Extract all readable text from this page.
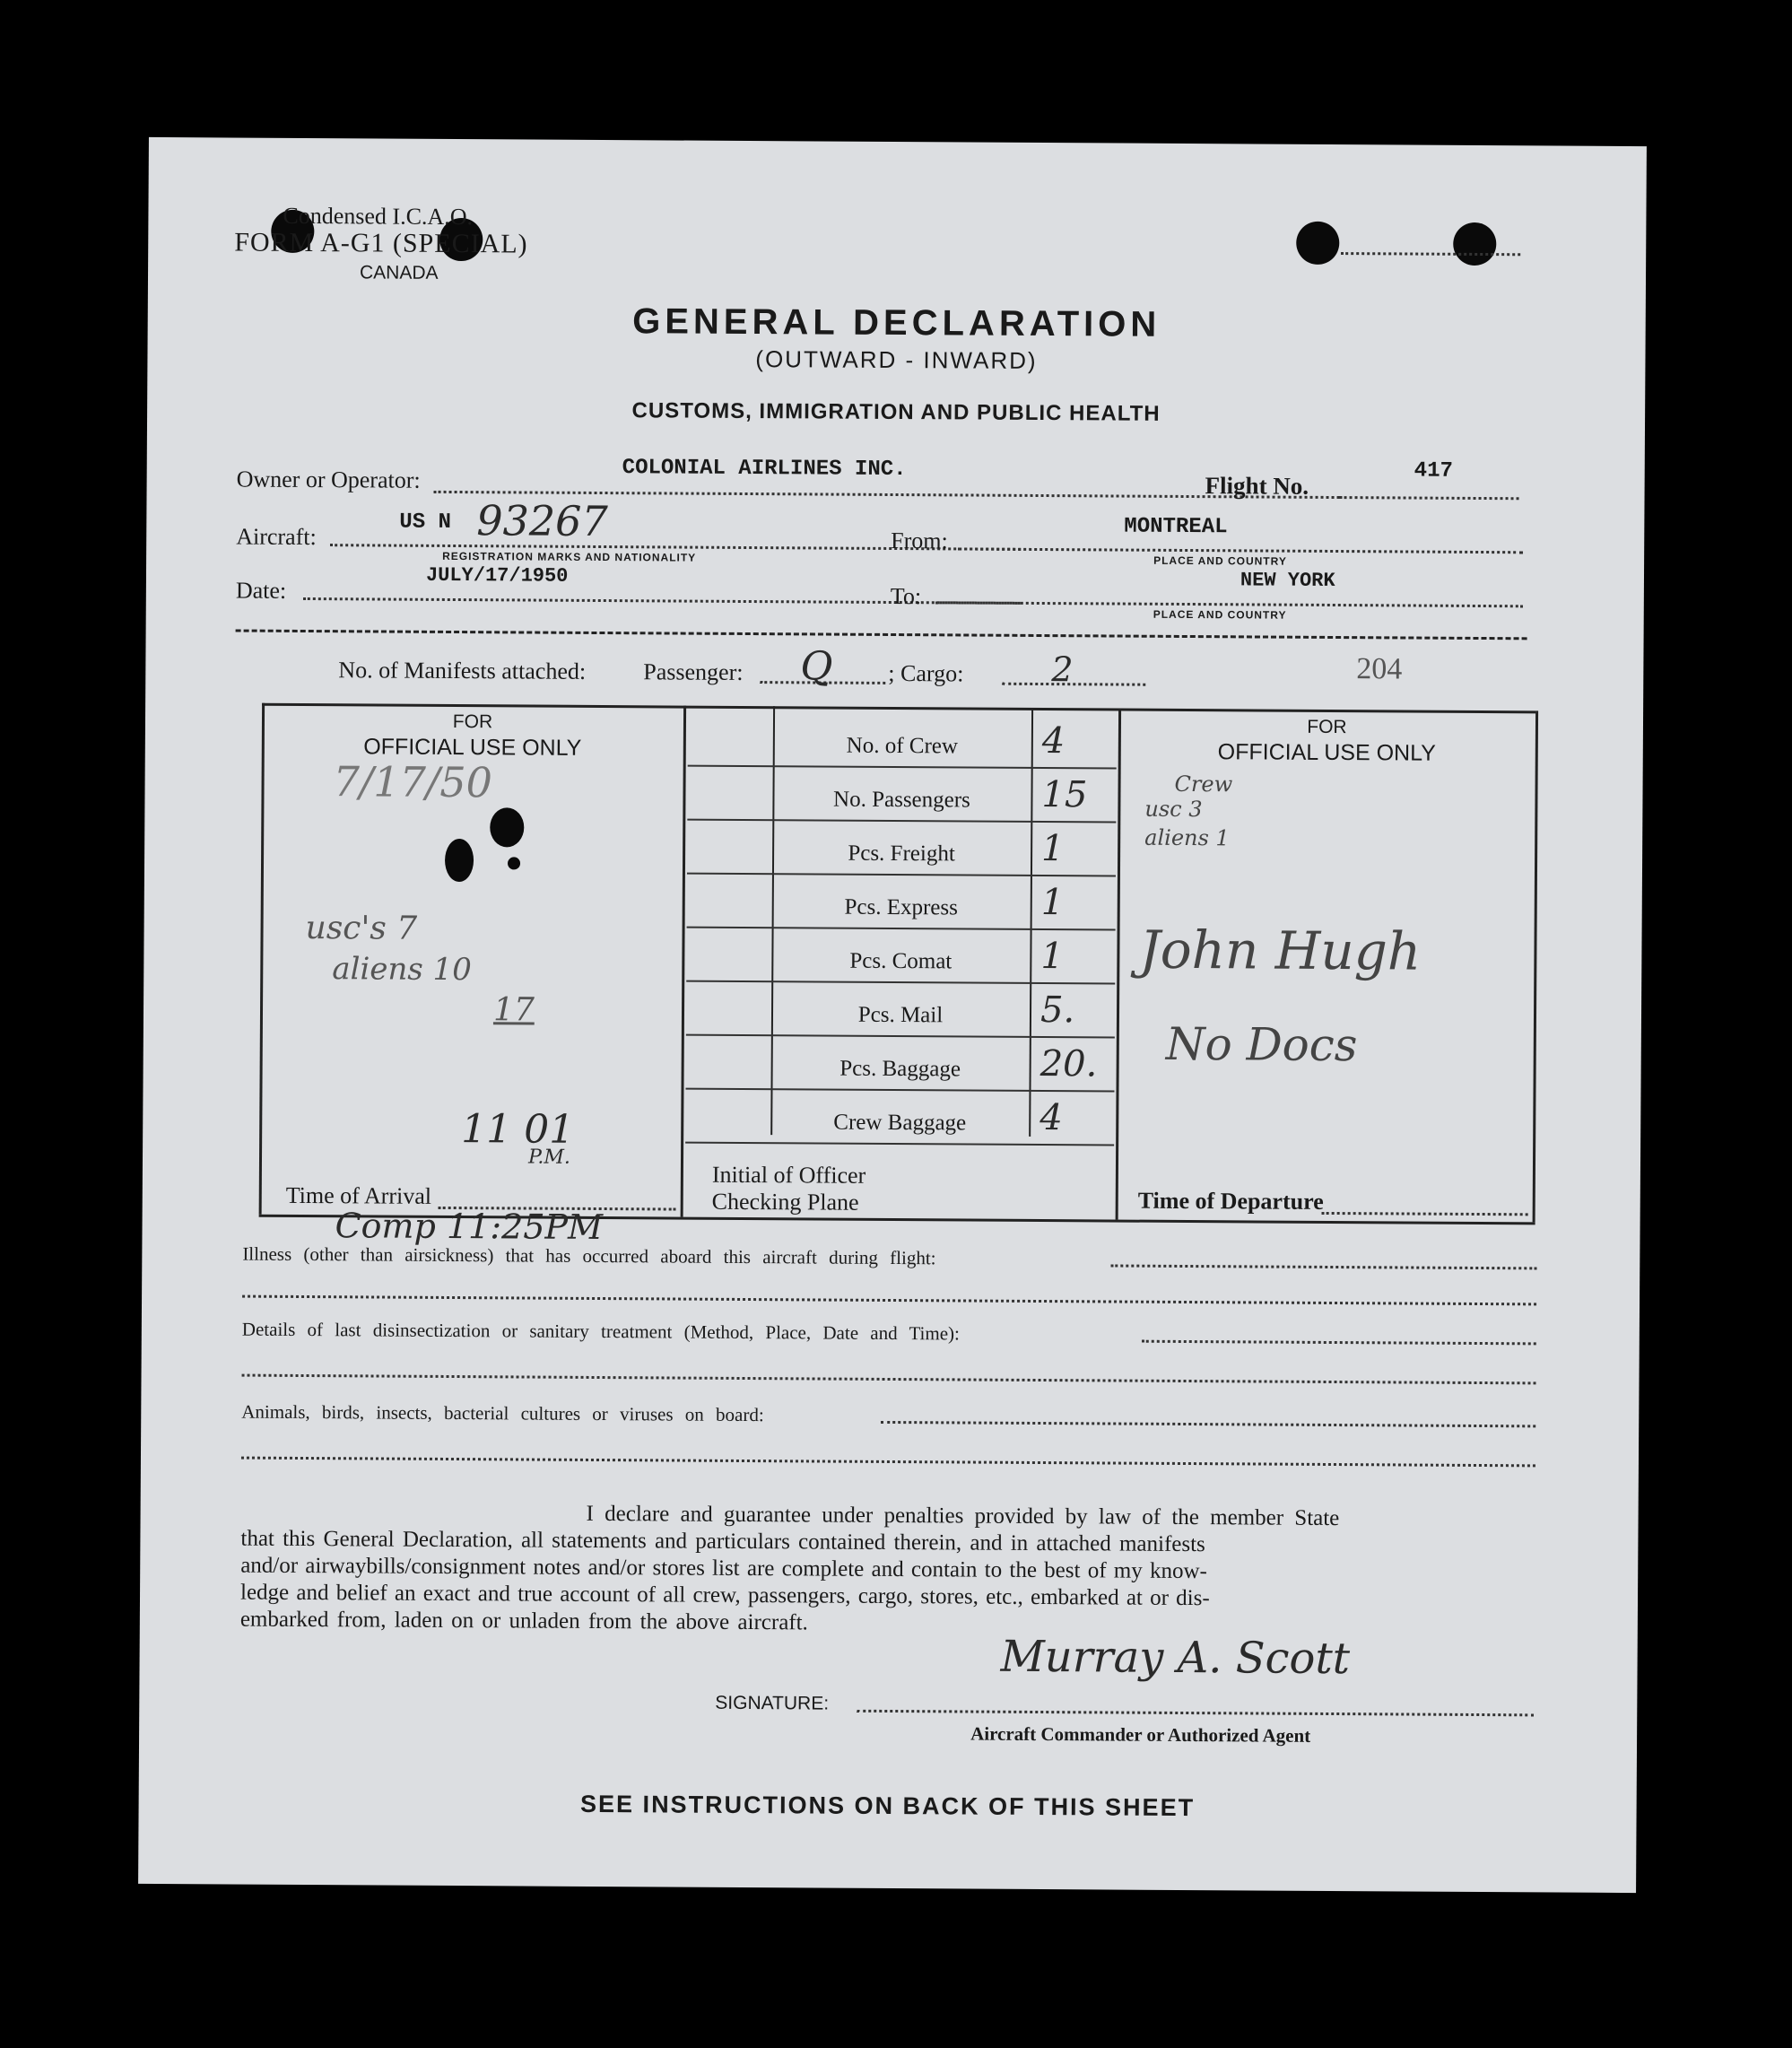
Condensed I.C.A.O.
FORM A-G1 (SPECIAL)
CANADA
GENERAL DECLARATION
(OUTWARD - INWARD)
CUSTOMS, IMMIGRATION AND PUBLIC HEALTH
Owner or Operator:	COLONIAL AIRLINES INC.
Flight No.
417
Aircraft:
US N 93267
REGISTRATION MARKS AND NATIONALITY
From:
MONTREAL
PLACE AND COUNTRY
Date:
JULY/17/1950
To:
NEW YORK
PLACE AND COUNTRY
No. of Manifests attached: Passenger: Q ; Cargo:	2	204
FOR
OFFICIAL USE ONLY
7/17/50
usc's 7
aliens 10
17
11 01
P.M.
Time of Arrival
No. of Crew	4
No. Passengers	15
Pcs. Freight	1
Pcs. Express	1
Pcs. Comat	1
Pcs. Mail	5.
Pcs. Baggage	20.
Crew Baggage	4
Initial of Officer
Checking Plane
FOR
OFFICIAL USE ONLY
Crew
usc 3
aliens 1
John Hugh
No Docs
Time of Departure
Comp 11:25PM
Illness (other than airsickness) that has occurred aboard this aircraft during flight:
Details of last disinsectization or sanitary treatment (Method, Place, Date and Time):
Animals, birds, insects, bacterial cultures or viruses on board:
I declare and guarantee under penalties provided by law of the member State
that this General Declaration, all statements and particulars contained therein, and in attached manifests
and/or airwaybills/consignment notes and/or stores list are complete and contain to the best of my know-
ledge and belief an exact and true account of all crew, passengers, cargo, stores, etc., embarked at or dis-
embarked from, laden on or unladen from the above aircraft.
Murray A. Scott
SIGNATURE:
Aircraft Commander or Authorized Agent
SEE INSTRUCTIONS ON BACK OF THIS SHEET
